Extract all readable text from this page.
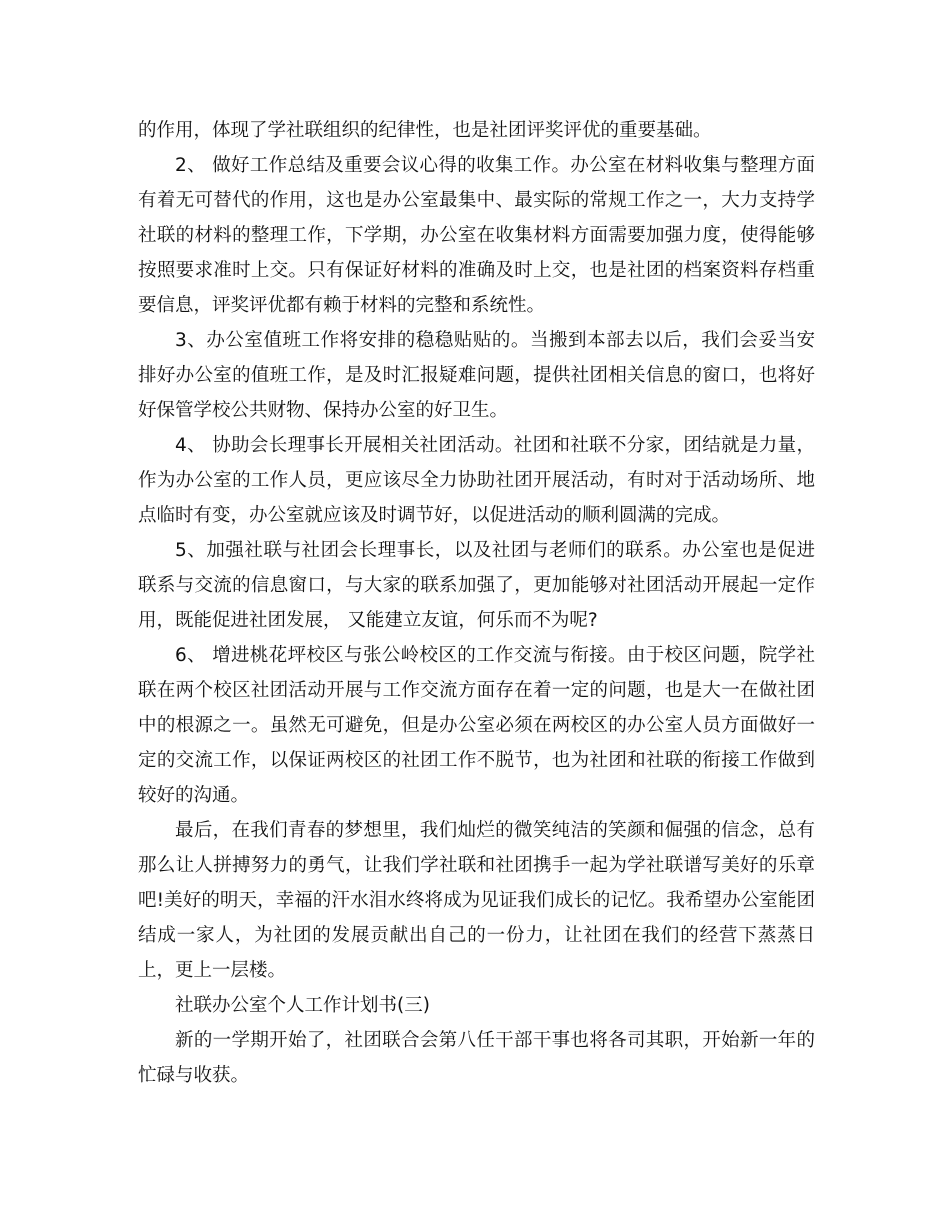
的作用，体现了学社联组织的纪律性，也是社团评奖评优的重要基础。

2、 做好工作总结及重要会议心得的收集工作。办公室在材料收集与整理方面有着无可替代的作用，这也是办公室最集中、最实际的常规工作之一，大力支持学社联的材料的整理工作，下学期，办公室在收集材料方面需要加强力度，使得能够按照要求准时上交。只有保证好材料的准确及时上交，也是社团的档案资料存档重要信息，评奖评优都有赖于材料的完整和系统性。

3、办公室值班工作将安排的稳稳贴贴的。当搬到本部去以后，我们会妥当安排好办公室的值班工作，是及时汇报疑难问题，提供社团相关信息的窗口，也将好好保管学校公共财物、保持办公室的好卫生。

4、 协助会长理事长开展相关社团活动。社团和社联不分家，团结就是力量，作为办公室的工作人员，更应该尽全力协助社团开展活动，有时对于活动场所、地点临时有变，办公室就应该及时调节好，以促进活动的顺利圆满的完成。

5、加强社联与社团会长理事长，以及社团与老师们的联系。办公室也是促进联系与交流的信息窗口，与大家的联系加强了，更加能够对社团活动开展起一定作用，既能促进社团发展， 又能建立友谊，何乐而不为呢?

6、 增进桃花坪校区与张公岭校区的工作交流与衔接。由于校区问题，院学社联在两个校区社团活动开展与工作交流方面存在着一定的问题，也是大一在做社团中的根源之一。虽然无可避免，但是办公室必须在两校区的办公室人员方面做好一定的交流工作，以保证两校区的社团工作不脱节，也为社团和社联的衔接工作做到较好的沟通。

最后，在我们青春的梦想里，我们灿烂的微笑纯洁的笑颜和倔强的信念，总有那么让人拼搏努力的勇气，让我们学社联和社团携手一起为学社联谱写美好的乐章吧!美好的明天，幸福的汗水泪水终将成为见证我们成长的记忆。我希望办公室能团结成一家人，为社团的发展贡献出自己的一份力，让社团在我们的经营下蒸蒸日上，更上一层楼。

社联办公室个人工作计划书(三)

新的一学期开始了，社团联合会第八任干部干事也将各司其职，开始新一年的忙碌与收获。
